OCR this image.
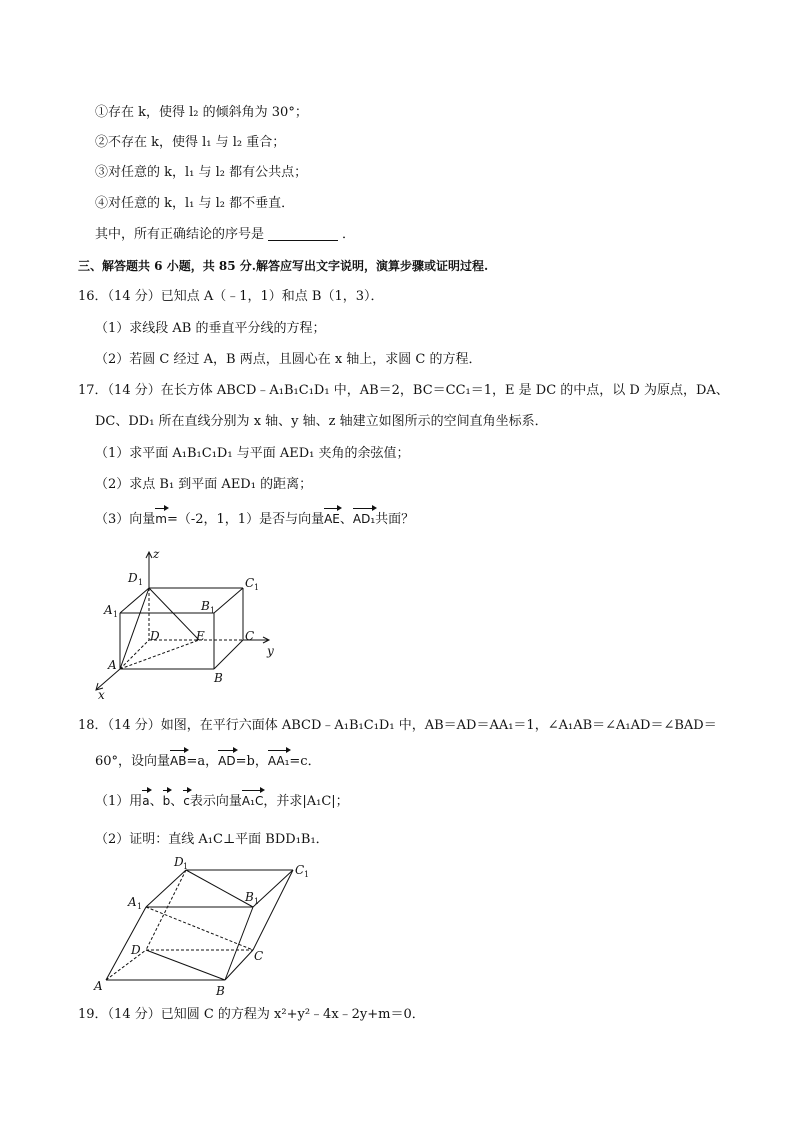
①存在 k，使得 l₂ 的倾斜角为 30°；
②不存在 k，使得 l₁ 与 l₂ 重合；
③对任意的 k，l₁ 与 l₂ 都有公共点；
④对任意的 k，l₁ 与 l₂ 都不垂直．
其中，所有正确结论的序号是	．
三、解答题共 6 小题，共 85 分.解答应写出文字说明，演算步骤或证明过程.
16．（14 分）已知点 A（﹣1，1）和点 B（1，3）．
（1）求线段 AB 的垂直平分线的方程；
（2）若圆 C 经过 A，B 两点，且圆心在 x 轴上，求圆 C 的方程．
17．（14 分）在长方体 ABCD﹣A₁B₁C₁D₁ 中，AB＝2，BC＝CC₁＝1，E 是 DC 的中点，以 D 为原点，DA、
DC、DD₁ 所在直线分别为 x 轴、y 轴、z 轴建立如图所示的空间直角坐标系．
（1）求平面 A₁B₁C₁D₁ 与平面 AED₁ 夹角的余弦值；
（2）求点 B₁ 到平面 AED₁ 的距离；
（3）向量m=（-2，1，1）是否与向量AE、AD₁共面？
z
y
x
D 1	C 1
A 1
B 1
D	E	C
A
B
18．（14 分）如图，在平行六面体 ABCD﹣A₁B₁C₁D₁ 中，AB＝AD＝AA₁＝1，∠A₁AB＝∠A₁AD＝∠BAD＝
60°，设向量AB=a，AD=b，AA₁=c．
（1）用a、b、c表示向量A₁C，并求|A₁C|；
（2）证明：直线 A₁C⊥平面 BDD₁B₁．
D 1	C 1
A 1
B 1
D	C
A	B
19．（14 分）已知圆 C 的方程为 x²+y²﹣4x﹣2y+m＝0．
